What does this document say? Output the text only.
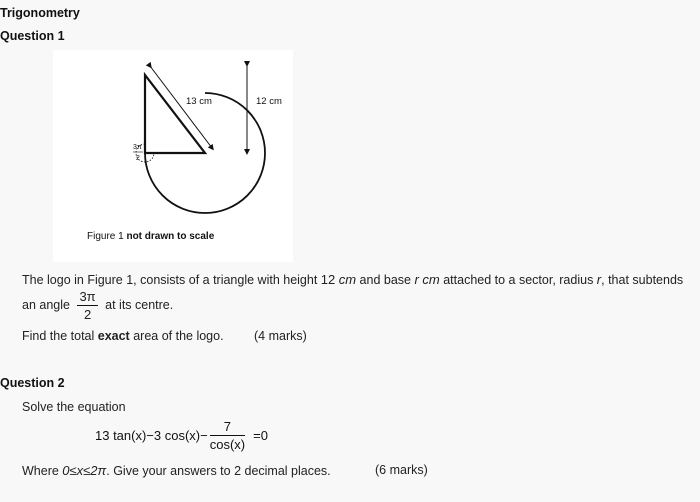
Trigonometry
Question 1
13 cm	12 cm
3π
2
Figure 1 not drawn to scale
The logo in Figure 1, consists of a triangle with height 12 cm and base r cm attached to a sector, radius r, that subtends
an angle $\frac{3\pi}{2}$ at its centre.
Find the total exact area of the logo. (4 marks)
Question 2
Solve the equation
13 tan(x)−3 $\cos(x)- \frac{7}{\cos(x)} =0$
Where 0≤x≤2π. Give your answers to 2 decimal places.	(6 marks)
